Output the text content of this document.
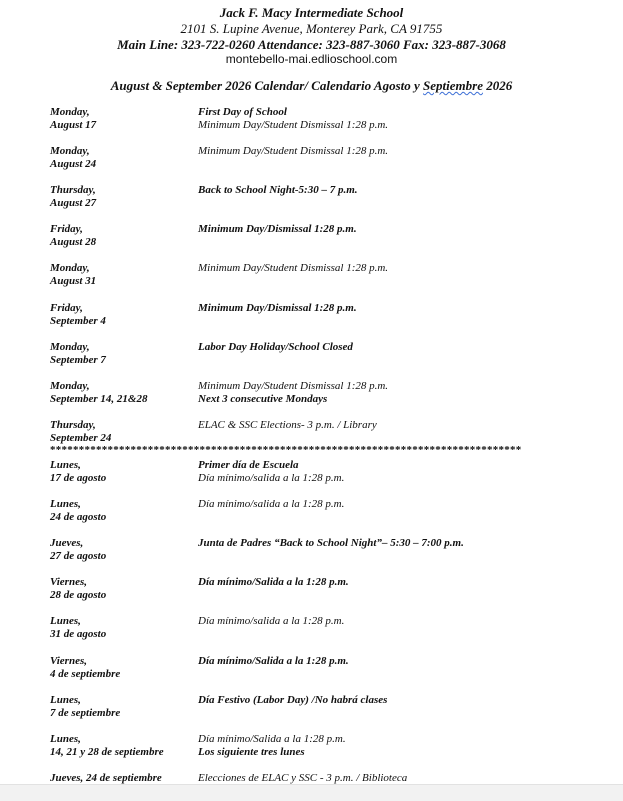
Jack F. Macy Intermediate School
2101 S. Lupine Avenue, Monterey Park, CA 91755
Main Line: 323-722-0260 Attendance: 323-887-3060 Fax: 323-887-3068
montebello-mai.edlioschool.com
August & September 2026 Calendar/ Calendario Agosto y Septiembre 2026
Monday,
August 17
First Day of School
Minimum Day/Student Dismissal 1:28 p.m.
Monday,
August 24
Minimum Day/Student Dismissal 1:28 p.m.
Thursday,
August 27
Back to School Night-5:30 – 7 p.m.
Friday,
August 28
Minimum Day/Dismissal 1:28 p.m.
Monday,
August 31
Minimum Day/Student Dismissal 1:28 p.m.
Friday,
September 4
Minimum Day/Dismissal 1:28 p.m.
Monday,
September 7
Labor Day Holiday/School Closed
Monday,
September 14, 21&28
Minimum Day/Student Dismissal 1:28 p.m.
Next 3 consecutive Mondays
Thursday,
September 24
ELAC & SSC Elections- 3 p.m. / Library
**********************************************************************************
Lunes,
17 de agosto
Primer día de Escuela
Día mínimo/salida a la 1:28 p.m.
Lunes,
24 de agosto
Día mínimo/salida a la 1:28 p.m.
Jueves,
27 de agosto
Junta de Padres “Back to School Night”– 5:30 – 7:00 p.m.
Viernes,
28 de agosto
Día mínimo/Salida a la 1:28 p.m.
Lunes,
31 de agosto
Día mínimo/salida a la 1:28 p.m.
Viernes,
4 de septiembre
Día mínimo/Salida a la 1:28 p.m.
Lunes,
7 de septiembre
Día Festivo (Labor Day) /No habrá clases
Lunes,
14, 21 y 28 de septiembre
Día mínimo/Salida a la 1:28 p.m.
Los siguiente tres lunes
Jueves, 24 de septiembre	Elecciones de ELAC y SSC - 3 p.m. / Biblioteca
